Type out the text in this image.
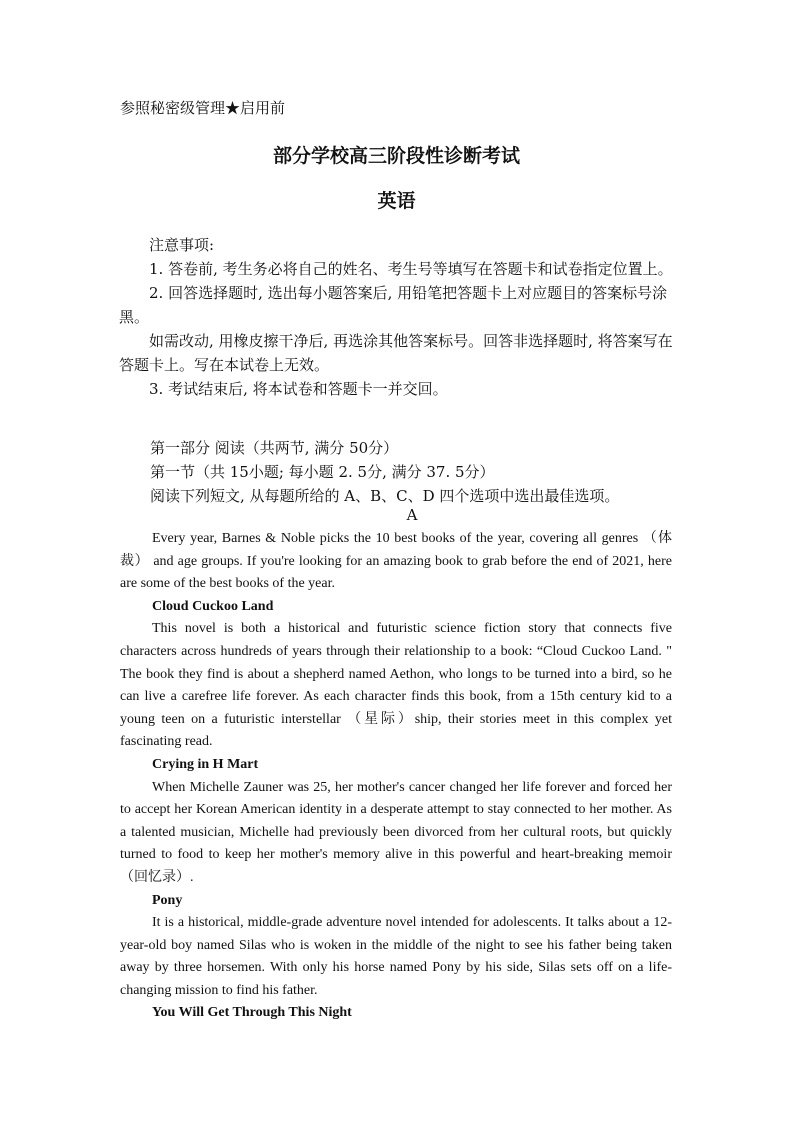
参照秘密级管理★启用前
部分学校高三阶段性诊断考试
英语

注意事项:

1. 答卷前, 考生务必将自己的姓名、考生号等填写在答题卡和试卷指定位置上。

2. 回答选择题时, 选出每小题答案后, 用铅笔把答题卡上对应题目的答案标号涂黑。

如需改动, 用橡皮擦干净后, 再选涂其他答案标号。回答非选择题时, 将答案写在答题卡上。写在本试卷上无效。

3. 考试结束后, 将本试卷和答题卡一并交回。

第一部分 阅读（共两节, 满分 50分）

第一节（共 15小题; 每小题 2. 5分, 满分 37. 5分）

阅读下列短文, 从每题所给的 A、B、C、D 四个选项中选出最佳选项。

A

Every year, Barnes & Noble picks the 10 best books of the year, covering all genres （体裁） and age groups. If you're looking for an amazing book to grab before the end of 2021, here are some of the best books of the year.

Cloud Cuckoo Land

This novel is both a historical and futuristic science fiction story that connects five characters across hundreds of years through their relationship to a book: “Cloud Cuckoo Land. " The book they find is about a shepherd named Aethon, who longs to be turned into a bird, so he can live a carefree life forever. As each character finds this book, from a 15th century kid to a young teen on a futuristic interstellar （星际）ship, their stories meet in this complex yet fascinating read.

Crying in H Mart

When Michelle Zauner was 25, her mother's cancer changed her life forever and forced her to accept her Korean American identity in a desperate attempt to stay connected to her mother. As a talented musician, Michelle had previously been divorced from her cultural roots, but quickly turned to food to keep her mother's memory alive in this powerful and heart-breaking memoir （回忆录）.

Pony

It is a historical, middle-grade adventure novel intended for adolescents. It talks about a 12-year-old boy named Silas who is woken in the middle of the night to see his father being taken away by three horsemen. With only his horse named Pony by his side, Silas sets off on a life-changing mission to find his father.

You Will Get Through This Night
